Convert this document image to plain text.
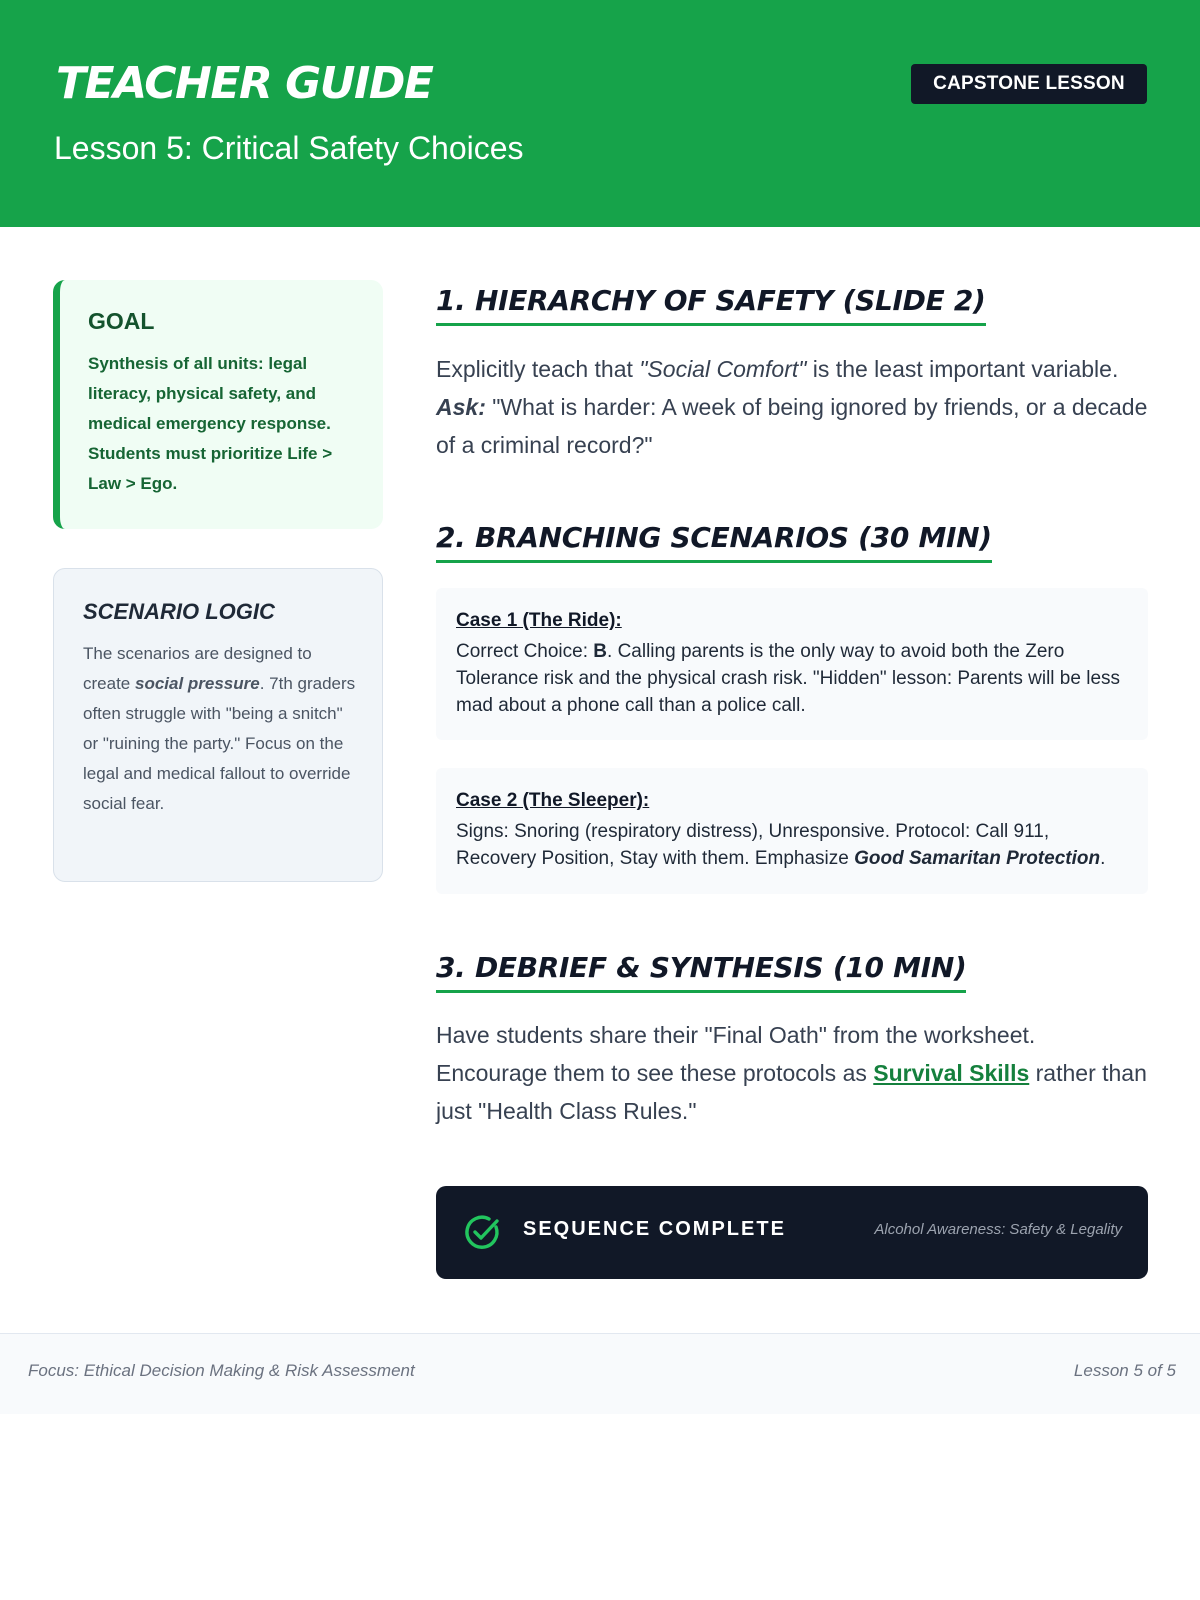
TEACHER GUIDE
Lesson 5: Critical Safety Choices
CAPSTONE LESSON
GOAL

Synthesis of all units: legal literacy, physical safety, and medical emergency response. Students must prioritize Life > Law > Ego.

SCENARIO LOGIC

The scenarios are designed to create social pressure. 7th graders often struggle with "being a snitch" or "ruining the party." Focus on the legal and medical fallout to override social fear.

1. HIERARCHY OF SAFETY (SLIDE 2)
Explicitly teach that "Social Comfort" is the least important variable. Ask: "What is harder: A week of being ignored by friends, or a decade of a criminal record?"
2. BRANCHING SCENARIOS (30 MIN)
Case 1 (The Ride):
Correct Choice: B. Calling parents is the only way to avoid both the Zero Tolerance risk and the physical crash risk. "Hidden" lesson: Parents will be less mad about a phone call than a police call.
Case 2 (The Sleeper):
Signs: Snoring (respiratory distress), Unresponsive. Protocol: Call 911, Recovery Position, Stay with them. Emphasize Good Samaritan Protection.
3. DEBRIEF & SYNTHESIS (10 MIN)
Have students share their "Final Oath" from the worksheet. Encourage them to see these protocols as Survival Skills rather than just "Health Class Rules."
SEQUENCE COMPLETE	Alcohol Awareness: Safety & Legality
Focus: Ethical Decision Making & Risk Assessment	Lesson 5 of 5
